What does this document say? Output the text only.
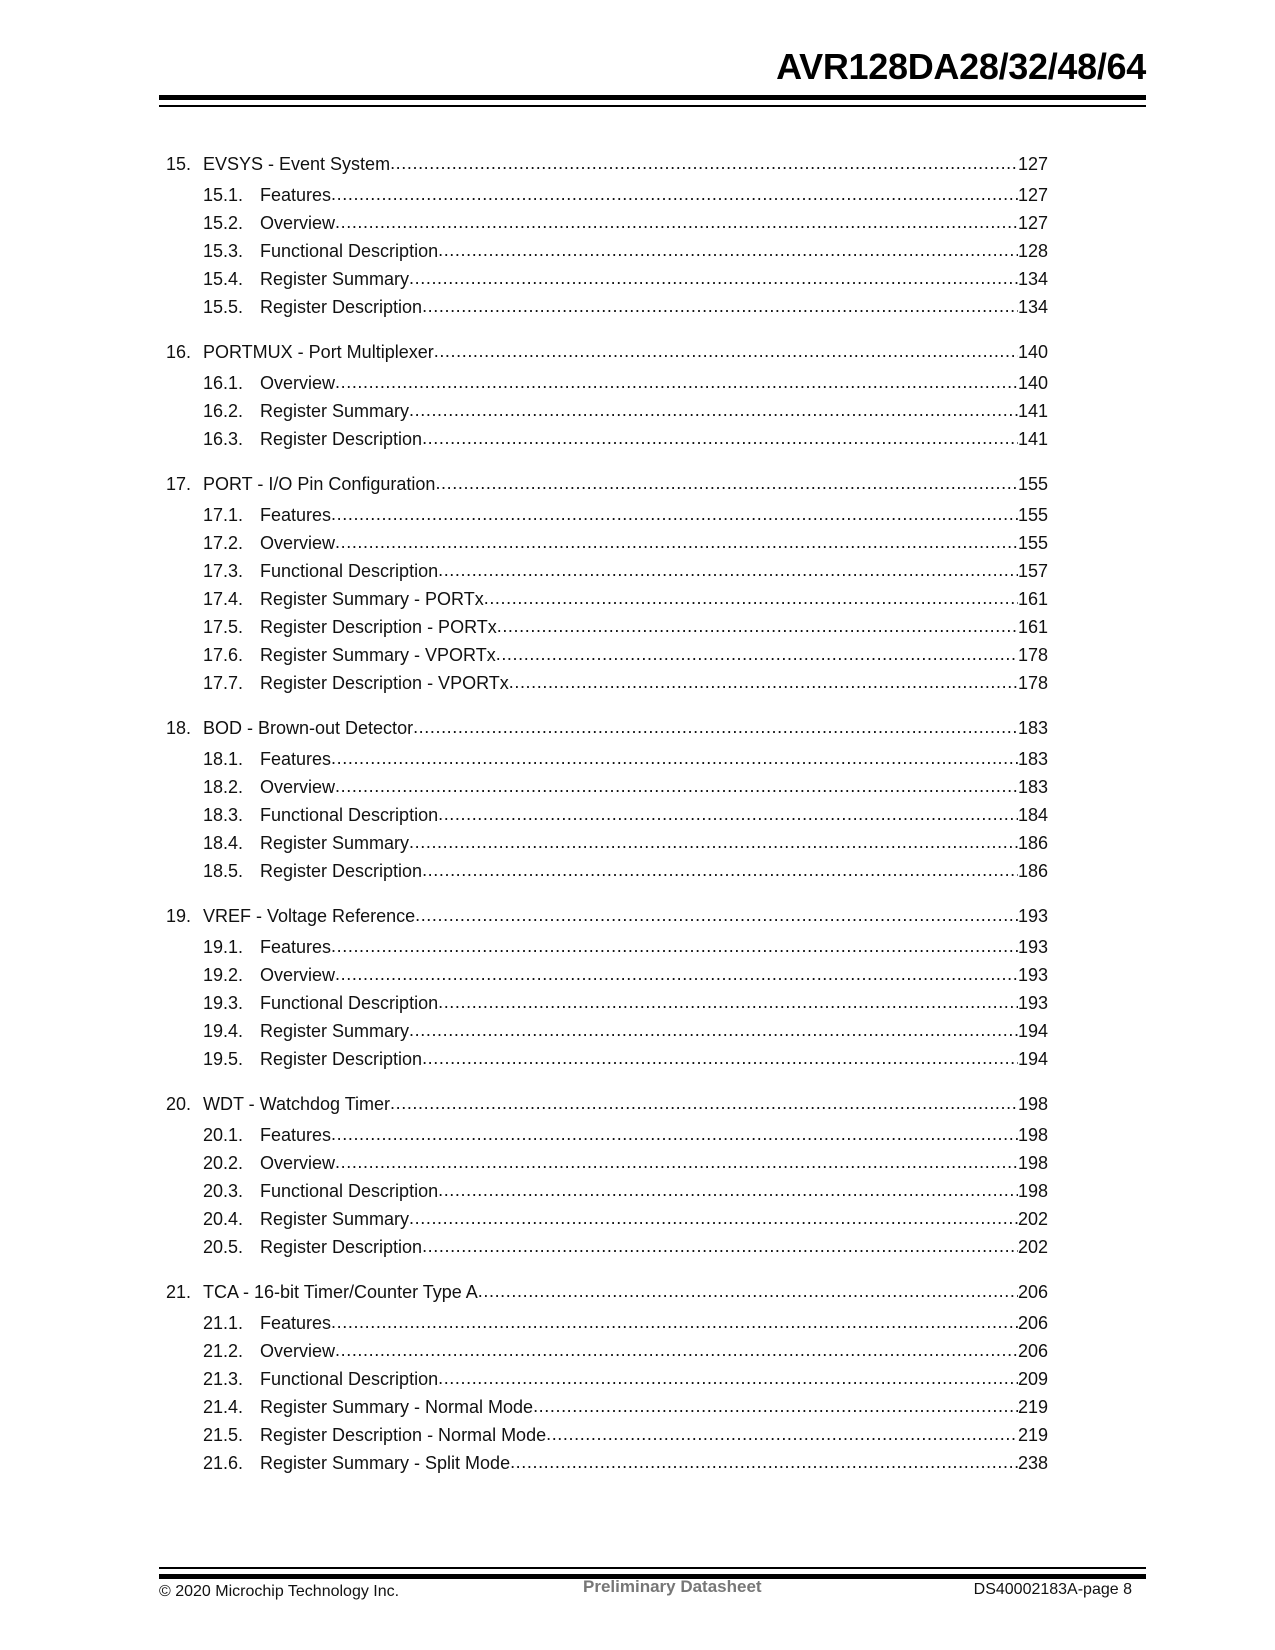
AVR128DA28/32/48/64
15. EVSYS - Event System .....	127
15.1. Features .....	127
15.2. Overview .....	127
15.3. Functional Description .....	128
15.4. Register Summary .....	134
15.5. Register Description .....	134
16. PORTMUX - Port Multiplexer .....	140
16.1. Overview .....	140
16.2. Register Summary .....	141
16.3. Register Description .....	141
17. PORT - I/O Pin Configuration .....	155
17.1. Features .....	155
17.2. Overview .....	155
17.3. Functional Description .....	157
17.4. Register Summary - PORTx .....	161
17.5. Register Description - PORTx .....	161
17.6. Register Summary - VPORTx .....	178
17.7. Register Description - VPORTx .....	178
18. BOD - Brown-out Detector .....	183
18.1. Features .....	183
18.2. Overview .....	183
18.3. Functional Description .....	184
18.4. Register Summary .....	186
18.5. Register Description .....	186
19. VREF - Voltage Reference .....	193
19.1. Features .....	193
19.2. Overview .....	193
19.3. Functional Description .....	193
19.4. Register Summary .....	194
19.5. Register Description .....	194
20. WDT - Watchdog Timer .....	198
20.1. Features .....	198
20.2. Overview .....	198
20.3. Functional Description .....	198
20.4. Register Summary .....	202
20.5. Register Description .....	202
21. TCA - 16-bit Timer/Counter Type A .....	206
21.1. Features .....	206
21.2. Overview .....	206
21.3. Functional Description .....	209
21.4. Register Summary - Normal Mode .....	219
21.5. Register Description - Normal Mode .....	219
21.6. Register Summary - Split Mode .....	238
© 2020 Microchip Technology Inc.	Preliminary Datasheet	DS40002183A-page 8
